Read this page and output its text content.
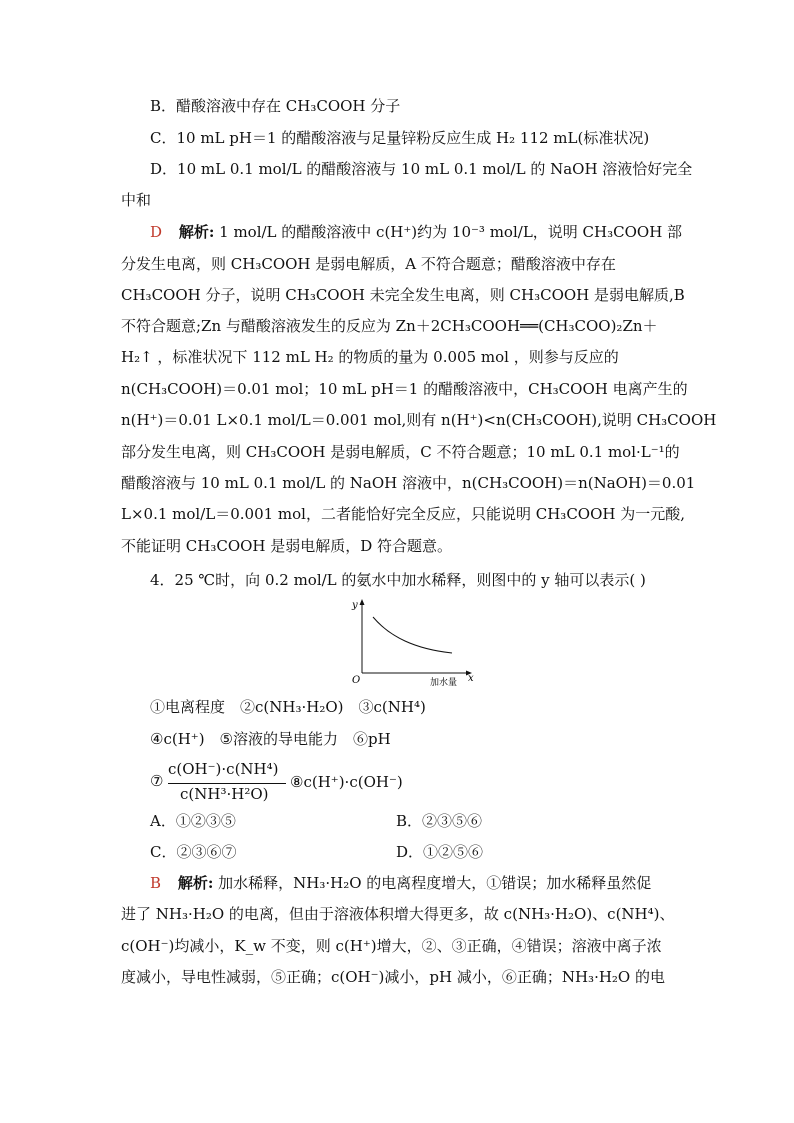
B．醋酸溶液中存在 CH₃COOH 分子
C．10 mL pH＝1 的醋酸溶液与足量锌粉反应生成 H₂ 112 mL(标准状况)
D．10 mL 0.1 mol/L 的醋酸溶液与 10 mL 0.1 mol/L 的 NaOH 溶液恰好完全
中和
D 解析: 1 mol/L 的醋酸溶液中 c(H⁺)约为 10⁻³ mol/L，说明 CH₃COOH 部
分发生电离，则 CH₃COOH 是弱电解质，A 不符合题意；醋酸溶液中存在
CH₃COOH 分子，说明 CH₃COOH 未完全发生电离，则 CH₃COOH 是弱电解质,B
不符合题意;Zn 与醋酸溶液发生的反应为 Zn＋2CH₃COOH══(CH₃COO)₂Zn＋
H₂↑ ，标准状况下 112 mL H₂ 的物质的量为 0.005 mol ，则参与反应的
n(CH₃COOH)＝0.01 mol；10 mL pH＝1 的醋酸溶液中，CH₃COOH 电离产生的
n(H⁺)＝0.01 L×0.1 mol/L＝0.001 mol,则有 n(H⁺)<n(CH₃COOH),说明 CH₃COOH
部分发生电离，则 CH₃COOH 是弱电解质，C 不符合题意；10 mL 0.1 mol·L⁻¹的
醋酸溶液与 10 mL 0.1 mol/L 的 NaOH 溶液中，n(CH₃COOH)＝n(NaOH)＝0.01
L×0.1 mol/L＝0.001 mol，二者能恰好完全反应，只能说明 CH₃COOH 为一元酸,
不能证明 CH₃COOH 是弱电解质，D 符合题意。
4．25 ℃时，向 0.2 mol/L 的氨水中加水稀释，则图中的 y 轴可以表示( )
y
O	加水量 x
①电离程度　②c(NH₃·H₂O)　③c(NH⁴)
④c(H⁺)　⑤溶液的导电能力　⑥pH
⑦
c(OH⁻)·c(NH⁴)
c(NH³·H²O)
⑧c(H⁺)·c(OH⁻)
A．①②③⑤	B．②③⑤⑥
C．②③⑥⑦	D．①②⑤⑥
B 解析: 加水稀释，NH₃·H₂O 的电离程度增大，①错误；加水稀释虽然促
进了 NH₃·H₂O 的电离，但由于溶液体积增大得更多，故 c(NH₃·H₂O)、c(NH⁴)、
c(OH⁻)均减小，K_w 不变，则 c(H⁺)增大，②、③正确，④错误；溶液中离子浓
度减小，导电性减弱，⑤正确；c(OH⁻)减小，pH 减小，⑥正确；NH₃·H₂O 的电
